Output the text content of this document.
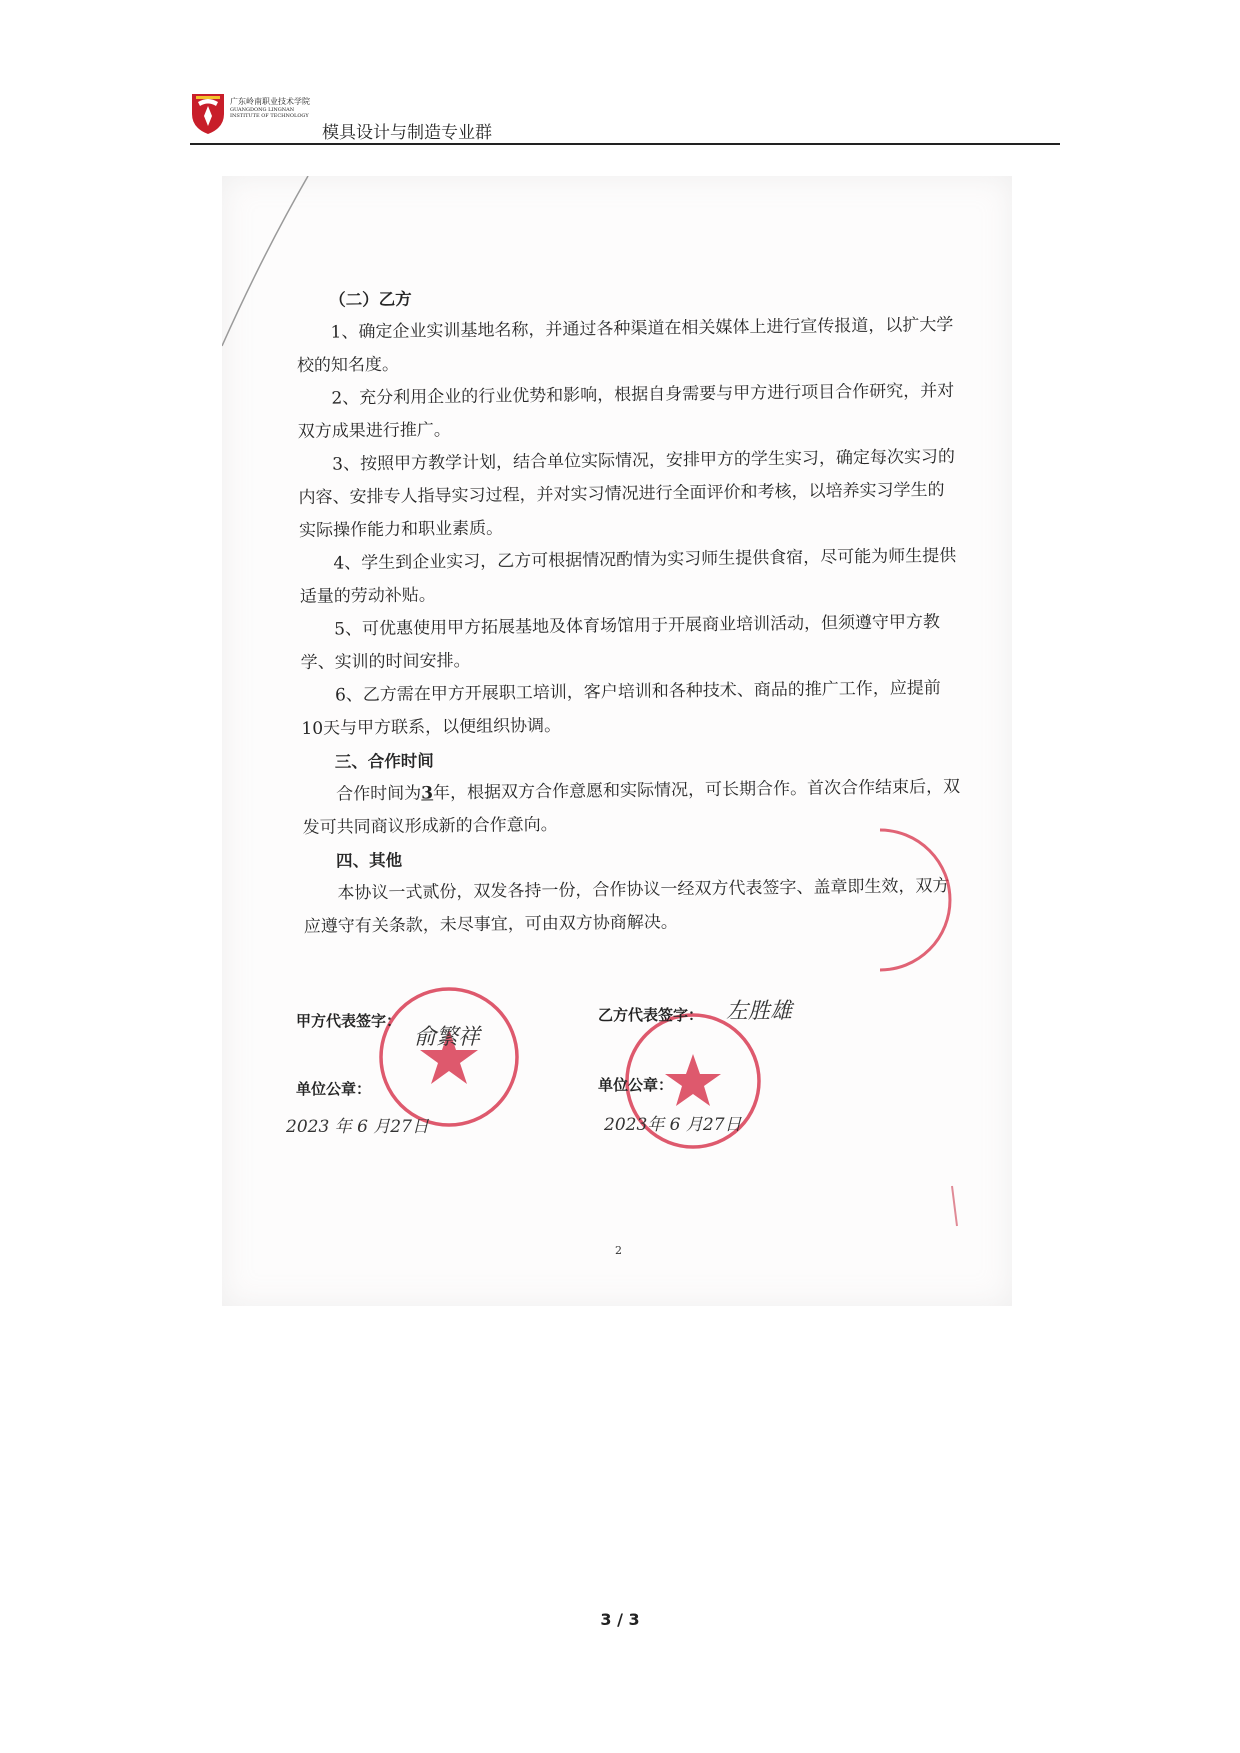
广东岭南职业技术学院
GUANGDONG LINGNAN
INSTITUTE OF TECHNOLOGY
模具设计与制造专业群
（二）乙方
1、确定企业实训基地名称，并通过各种渠道在相关媒体上进行宣传报道，以扩大学校的知名度。
2、充分利用企业的行业优势和影响，根据自身需要与甲方进行项目合作研究，并对双方成果进行推广。
3、按照甲方教学计划，结合单位实际情况，安排甲方的学生实习，确定每次实习的内容、安排专人指导实习过程，并对实习情况进行全面评价和考核，以培养实习学生的实际操作能力和职业素质。
4、学生到企业实习，乙方可根据情况酌情为实习师生提供食宿，尽可能为师生提供适量的劳动补贴。
5、可优惠使用甲方拓展基地及体育场馆用于开展商业培训活动，但须遵守甲方教学、实训的时间安排。
6、乙方需在甲方开展职工培训，客户培训和各种技术、商品的推广工作，应提前10天与甲方联系，以便组织协调。
三、合作时间
合作时间为3年，根据双方合作意愿和实际情况，可长期合作。首次合作结束后，双发可共同商议形成新的合作意向。
四、其他
本协议一式贰份，双发各持一份，合作协议一经双方代表签字、盖章即生效，双方应遵守有关条款，未尽事宜，可由双方协商解决。
甲方代表签字：
俞繁祥
单位公章：
2023 年 6 月27日
乙方代表签字： 左胜雄
单位公章：
2023年 6 月27日
2
3 / 3
